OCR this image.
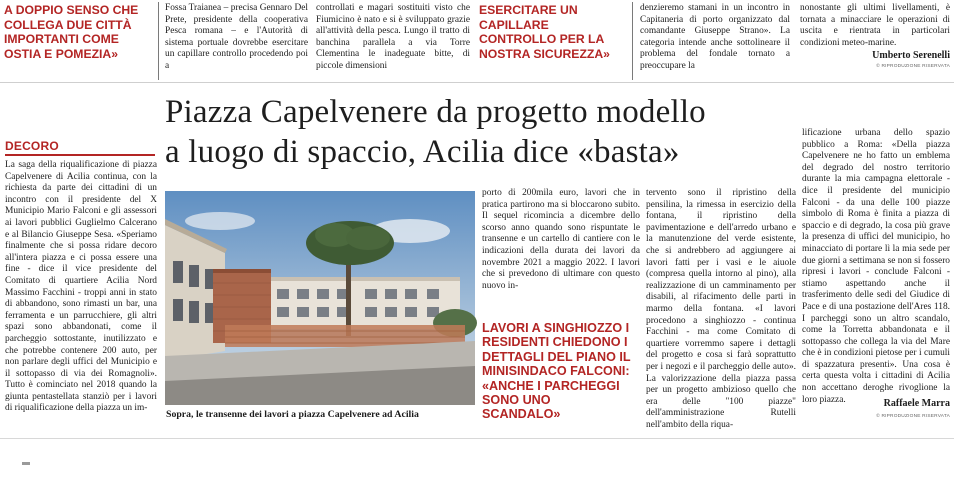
A DOPPIO SENSO CHE COLLEGA DUE CITTÀ IMPORTANTI COME OSTIA E POMEZIA»
Fossa Traianea – precisa Gennaro Del Prete, presidente della cooperativa Pesca romana – e l'Autorità di sistema portuale dovrebbe esercitare un capillare controllo procedendo poi a
controllati e magari sostituiti visto che Fiumicino è nato e si è sviluppato grazie all'attività della pesca. Lungo il tratto di banchina parallela a via Torre Clementina le inadeguate bitte, di piccole dimensioni
ESERCITARE UN CAPILLARE CONTROLLO PER LA NOSTRA SICUREZZA»
denzieremo stamani in un incontro in Capitaneria di porto organizzato dal comandante Giuseppe Strano». La categoria intende anche sottolineare il problema del fondale tornato a preoccupare la
nonostante gli ultimi livellamenti, è tornata a minacciare le operazioni di uscita e rientrata in particolari condizioni meteo-marine.
Umberto Serenelli
© RIPRODUZIONE RISERVATA
DECORO
Piazza Capelvenere da progetto modello
a luogo di spaccio, Acilia dice «basta»
La saga della riqualificazione di piazza Capelvenere di Acilia continua, con la richiesta da parte dei cittadini di un incontro con il presidente del X Municipio Mario Falconi e gli assessori ai lavori pubblici Guglielmo Calcerano e al Bilancio Giuseppe Sesa. «Speriamo finalmente che si possa ridare decoro all'intera piazza e ci possa essere una fine - dice il vice presidente del Comitato di quartiere Acilia Nord Massimo Facchini - troppi anni in stato di abbandono, sono rimasti un bar, una ferramenta e un parrucchiere, gli altri spazi sono abbandonati, come il parcheggio sottostante, inutilizzato e che potrebbe contenere 200 auto, per non parlare degli uffici del Municipio e il sottopasso di via dei Romagnoli». Tutto è cominciato nel 2018 quando la giunta pentastellata stanziò per i lavori di riqualificazione della piazza un im-
Sopra, le transenne dei lavori a piazza Capelvenere ad Acilia
porto di 200mila euro, lavori che in pratica partirono ma si bloccarono subito. Il sequel ricomincia a dicembre dello scorso anno quando sono rispuntate le transenne e un cartello di cantiere con le indicazioni della durata dei lavori da novembre 2021 a maggio 2022. I lavori che si prevedono di ultimare con questo nuovo in-
LAVORI A SINGHIOZZO I RESIDENTI CHIEDONO I DETTAGLI DEL PIANO IL MINISINDACO FALCONI: «ANCHE I PARCHEGGI SONO UNO SCANDALO»
tervento sono il ripristino della pensilina, la rimessa in esercizio della fontana, il ripristino della pavimentazione e dell'arredo urbano e la manutenzione del verde esistente, che si andrebbero ad aggiungere ai lavori fatti per i vasi e le aiuole (compresa quella intorno al pino), alla realizzazione di un camminamento per disabili, al rifacimento delle parti in marmo della fontana. «I lavori procedono a singhiozzo - continua Facchini - ma come Comitato di quartiere vorremmo sapere i dettagli del progetto e cosa si farà soprattutto per i negozi e il parcheggio delle auto». La valorizzazione della piazza passa per un progetto ambizioso quello che era delle "100 piazze" dell'amministrazione Rutelli nell'ambito della riqua-
lificazione urbana dello spazio pubblico a Roma: «Della piazza Capelvenere ne ho fatto un emblema del degrado del nostro territorio durante la mia campagna elettorale - dice il presidente del municipio Falconi - da una delle 100 piazze simbolo di Roma è finita a piazza di spaccio e di degrado, la cosa più grave la presenza di uffici del municipio, ho minacciato di portare lì la mia sede per due giorni a settimana se non si fossero ripresi i lavori - conclude Falconi - stiamo aspettando anche il trasferimento delle sedi del Giudice di Pace e di una postazione dell'Ares 118. I parcheggi sono un altro scandalo, come la Torretta abbandonata e il sottopasso che collega la via del Mare che è in condizioni pietose per i cumuli di spazzatura presenti». Una cosa è certa questa volta i cittadini di Acilia non accettano deroghe rivoglione la loro piazza.	Raffaele Marra
© RIPRODUZIONE RISERVATA
